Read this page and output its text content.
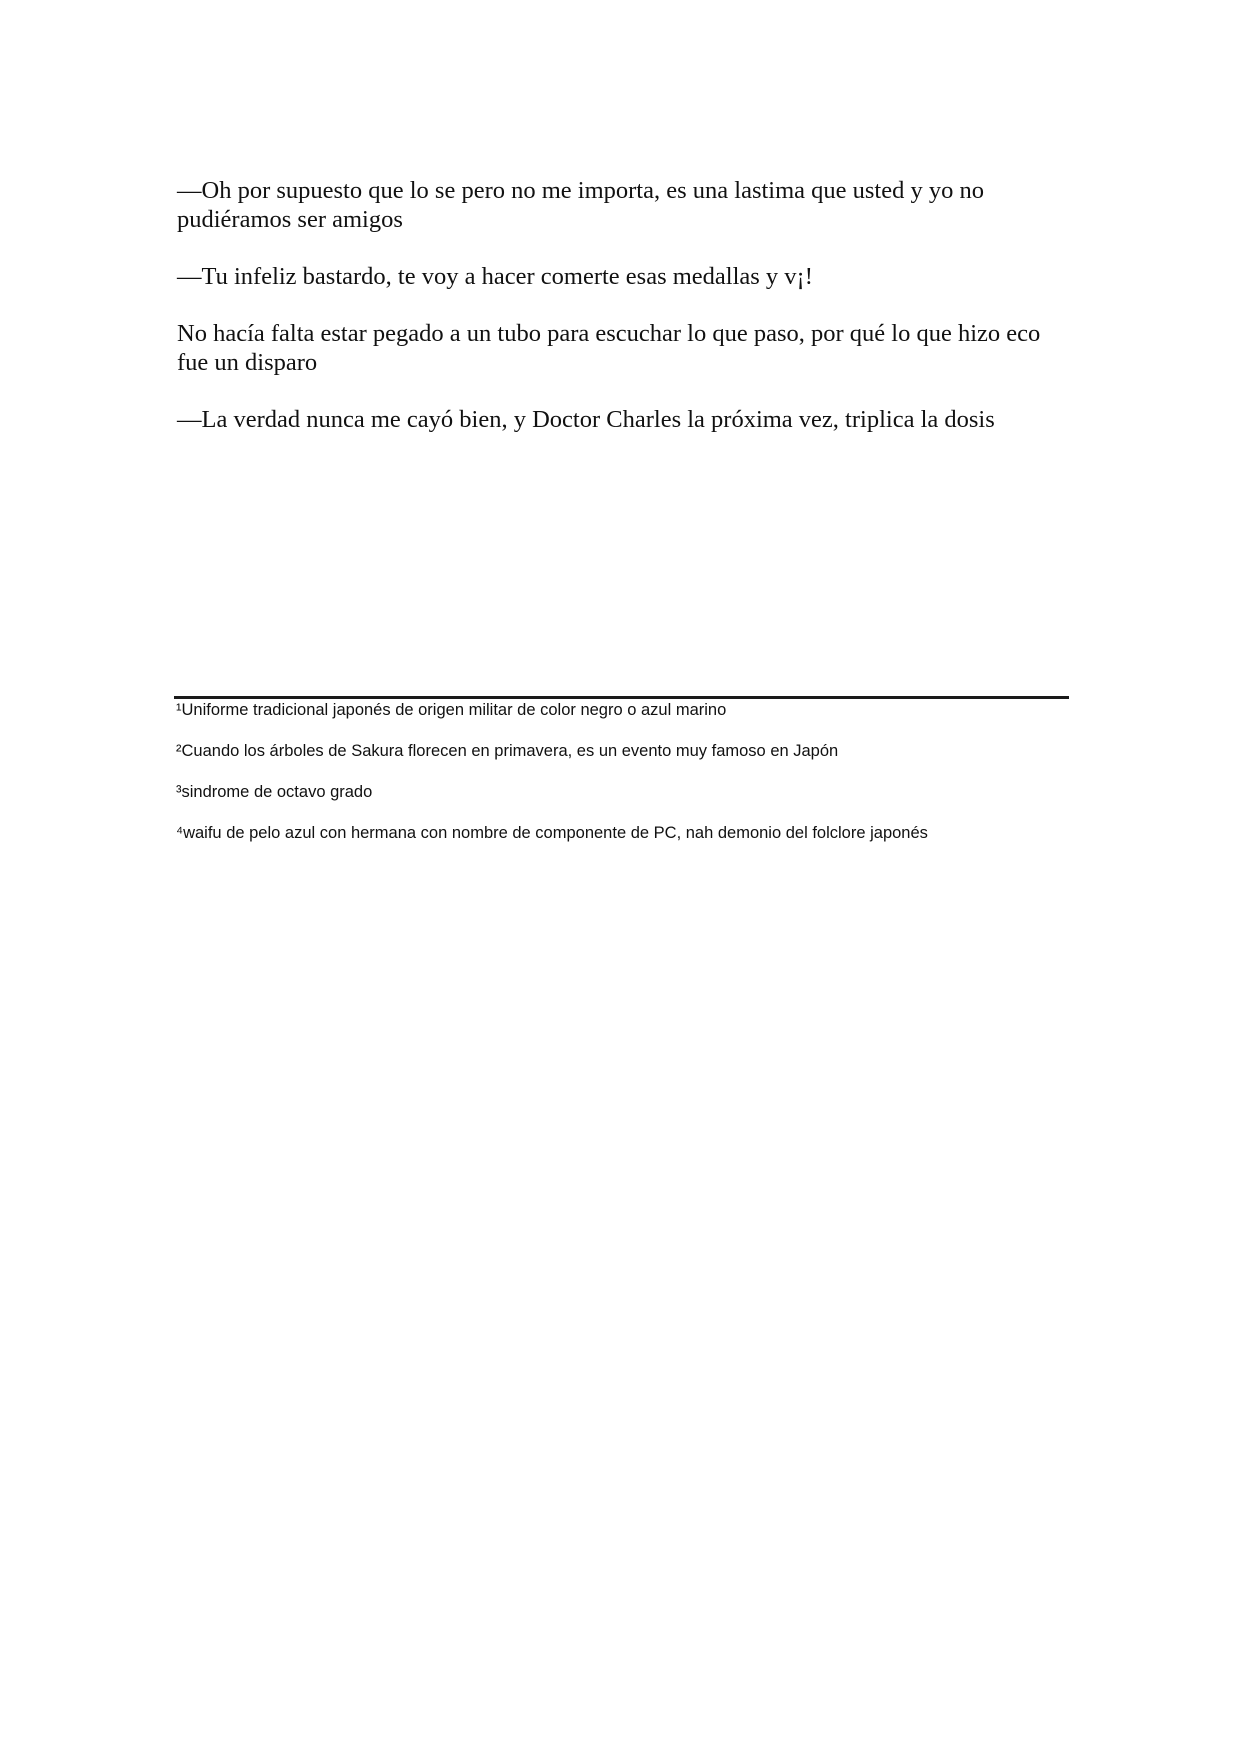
—Oh por supuesto que lo se pero no me importa, es una lastima que usted y yo no pudiéramos ser amigos

—Tu infeliz bastardo, te voy a hacer comerte esas medallas y v¡!

No hacía falta estar pegado a un tubo para escuchar lo que paso, por qué lo que hizo eco fue un disparo

—La verdad nunca me cayó bien, y Doctor Charles la próxima vez, triplica la dosis

¹Uniforme tradicional japonés de origen militar de color negro o azul marino

²Cuando los árboles de Sakura florecen en primavera, es un evento muy famoso en Japón

³sindrome de octavo grado

⁴waifu de pelo azul con hermana con nombre de componente de PC, nah demonio del folclore japonés
